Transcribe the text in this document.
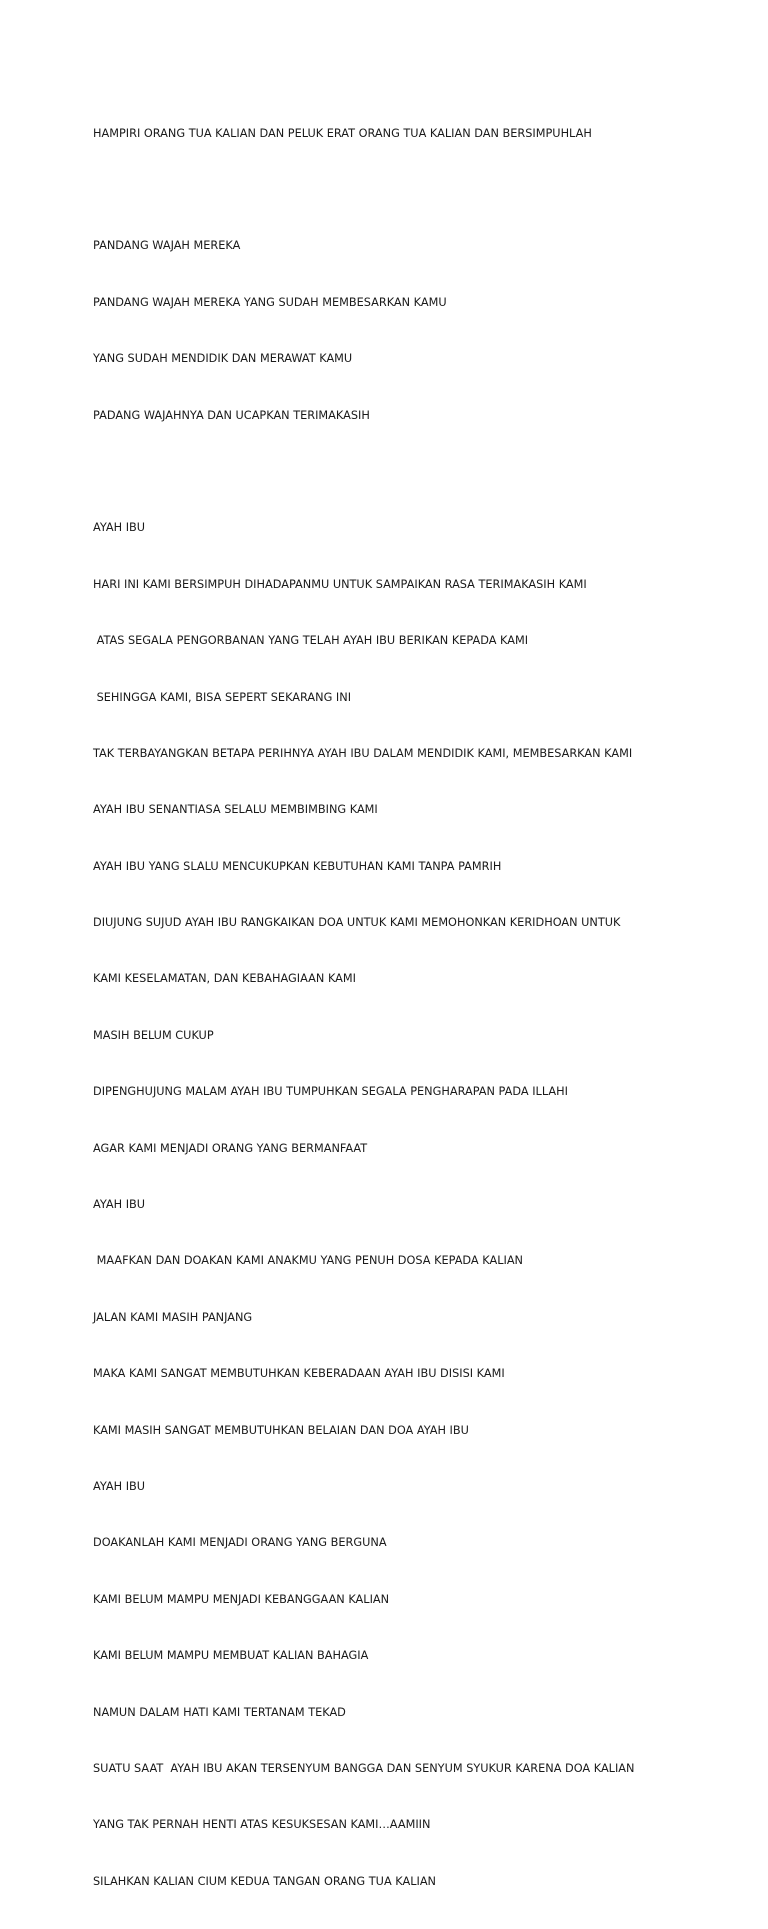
HAMPIRI ORANG TUA KALIAN DAN PELUK ERAT ORANG TUA KALIAN DAN BERSIMPUHLAH

PANDANG WAJAH MEREKA

PANDANG WAJAH MEREKA YANG SUDAH MEMBESARKAN KAMU

YANG SUDAH MENDIDIK DAN MERAWAT KAMU

PADANG WAJAHNYA DAN UCAPKAN TERIMAKASIH

AYAH IBU

HARI INI KAMI BERSIMPUH DIHADAPANMU UNTUK SAMPAIKAN RASA TERIMAKASIH KAMI

ATAS SEGALA PENGORBANAN YANG TELAH AYAH IBU BERIKAN KEPADA KAMI

SEHINGGA KAMI, BISA SEPERT SEKARANG INI

TAK TERBAYANGKAN BETAPA PERIHNYA AYAH IBU DALAM MENDIDIK KAMI, MEMBESARKAN KAMI

AYAH IBU SENANTIASA SELALU MEMBIMBING KAMI

AYAH IBU YANG SLALU MENCUKUPKAN KEBUTUHAN KAMI TANPA PAMRIH

DIUJUNG SUJUD AYAH IBU RANGKAIKAN DOA UNTUK KAMI MEMOHONKAN KERIDHOAN UNTUK

KAMI KESELAMATAN, DAN KEBAHAGIAAN KAMI

MASIH BELUM CUKUP

DIPENGHUJUNG MALAM AYAH IBU TUMPUHKAN SEGALA PENGHARAPAN PADA ILLAHI

AGAR KAMI MENJADI ORANG YANG BERMANFAAT

AYAH IBU

MAAFKAN DAN DOAKAN KAMI ANAKMU YANG PENUH DOSA KEPADA KALIAN

JALAN KAMI MASIH PANJANG

MAKA KAMI SANGAT MEMBUTUHKAN KEBERADAAN AYAH IBU DISISI KAMI

KAMI MASIH SANGAT MEMBUTUHKAN BELAIAN DAN DOA AYAH IBU

AYAH IBU

DOAKANLAH KAMI MENJADI ORANG YANG BERGUNA

KAMI BELUM MAMPU MENJADI KEBANGGAAN KALIAN

KAMI BELUM MAMPU MEMBUAT KALIAN BAHAGIA

NAMUN DALAM HATI KAMI TERTANAM TEKAD

SUATU SAAT  AYAH IBU AKAN TERSENYUM BANGGA DAN SENYUM SYUKUR KARENA DOA KALIAN

YANG TAK PERNAH HENTI ATAS KESUKSESAN KAMI…AAMIIN

SILAHKAN KALIAN CIUM KEDUA TANGAN ORANG TUA KALIAN
